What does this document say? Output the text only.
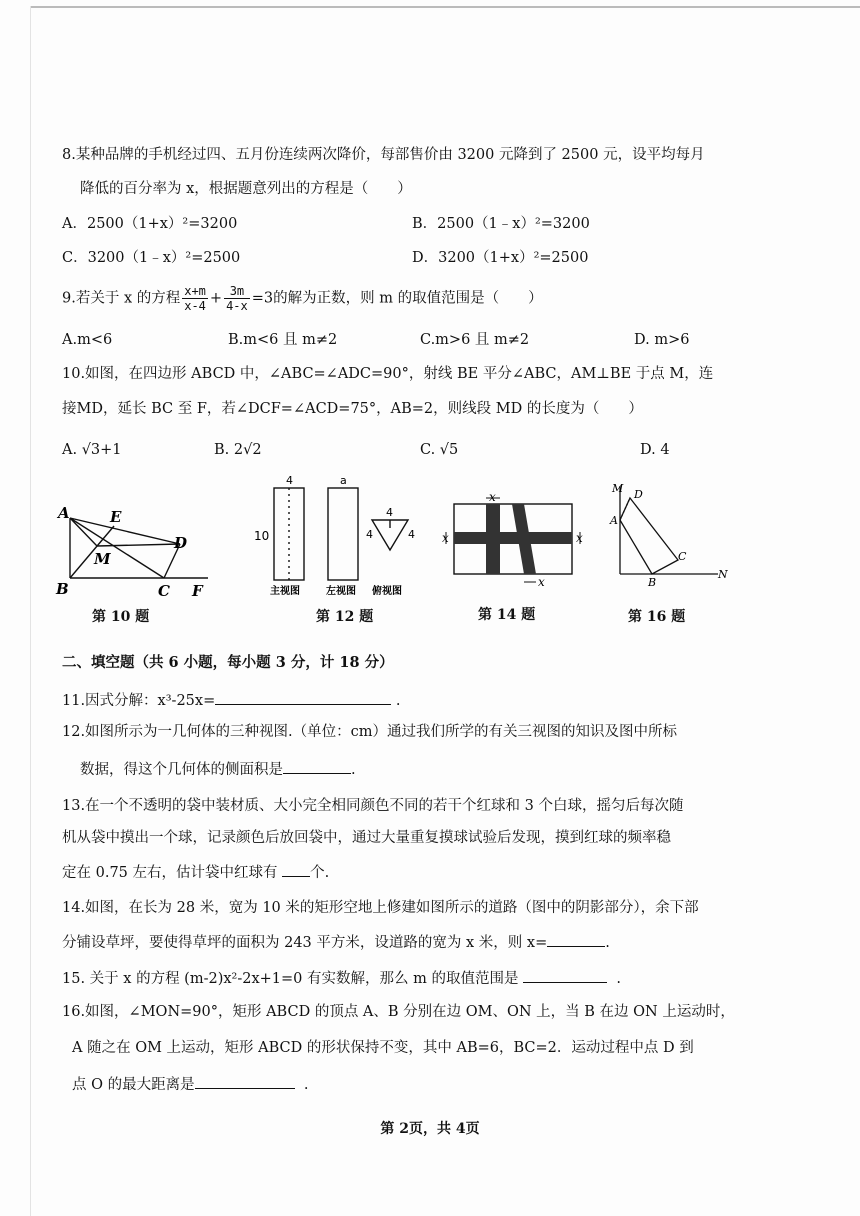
8.某种品牌的手机经过四、五月份连续两次降价，每部售价由 3200 元降到了 2500 元，设平均每月
降低的百分率为 x，根据题意列出的方程是（　　）
A．2500（1+x）²=3200	B．2500（1﹣x）²=3200
C．3200（1﹣x）²=2500	D．3200（1+x）²=2500
9.若关于 x 的方程 $\frac{x+m}{x-4} + \frac{3m}{4-x} =3$的解为正数，则 m 的取值范围是（　　）
A.m<6	B.m<6 且 m≠2	C.m>6 且 m≠2	D. m>6
10.如图，在四边形 ABCD 中，∠ABC=∠ADC=90°，射线 BE 平分∠ABC，AM⊥BE 于点 M，连
接MD，延长 BC 至 F，若∠DCF=∠ACD=75°，AB=2，则线段 MD 的长度为（　　）
A. √3+1	B. 2√2	C. √5	D. 4
A	E
D
M
B	C F
第 10 题
4	a
10
4
4	4
主视图	左视图 俯视图
第 12 题
x
x	x
x
第 14 题
M D
A
C
B
N
第 16 题
二、填空题（共 6 小题，每小题 3 分，计 18 分）
11.因式分解：x³-25x=	.
12.如图所示为一几何体的三种视图.（单位：cm）通过我们所学的有关三视图的知识及图中所标
数据，得这个几何体的侧面积是	.
13.在一个不透明的袋中装材质、大小完全相同颜色不同的若干个红球和 3 个白球，摇匀后每次随
机从袋中摸出一个球，记录颜色后放回袋中，通过大量重复摸球试验后发现，摸到红球的频率稳
定在 0.75 左右，估计袋中红球有 个.
14.如图，在长为 28 米，宽为 10 米的矩形空地上修建如图所示的道路（图中的阴影部分），余下部
分铺设草坪，要使得草坪的面积为 243 平方米，设道路的宽为 x 米，则 x=	.
15. 关于 x 的方程 (m-2)x²-2x+1=0 有实数解，那么 m 的取值范围是	.
16.如图，∠MON=90°，矩形 ABCD 的顶点 A、B 分别在边 OM、ON 上，当 B 在边 ON 上运动时，
A 随之在 OM 上运动，矩形 ABCD 的形状保持不变，其中 AB=6，BC=2．运动过程中点 D 到
点 O 的最大距离是	.
第 2页，共 4页
